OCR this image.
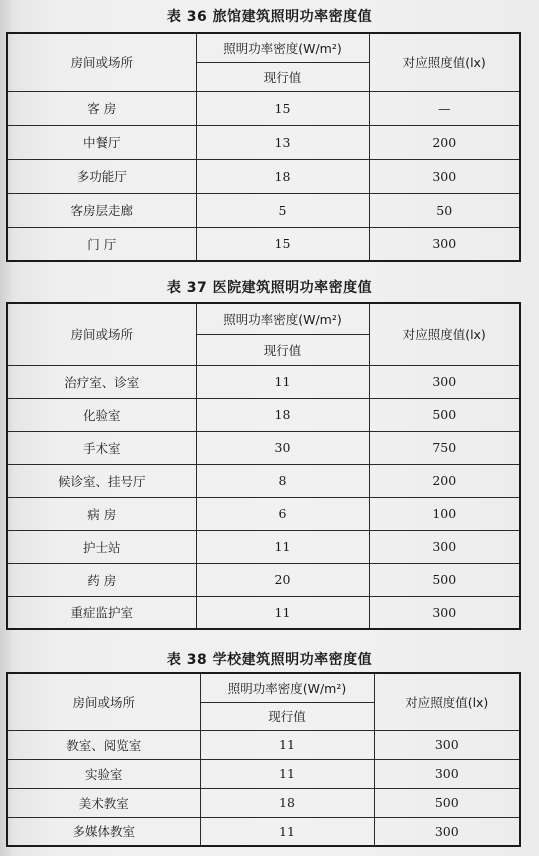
表 36 旅馆建筑照明功率密度值
房间或场所	照明功率密度(W/m²)	对应照度值(lx)
	现行值	
客 房	15	—
中餐厅	13	200
多功能厅	18	300
客房层走廊	5	50
门 厅	15	300
表 37 医院建筑照明功率密度值
房间或场所	照明功率密度(W/m²)	对应照度值(lx)
	现行值	
治疗室、诊室	11	300
化验室	18	500
手术室	30	750
候诊室、挂号厅	8	200
病 房	6	100
护士站	11	300
药 房	20	500
重症监护室	11	300
表 38 学校建筑照明功率密度值
房间或场所	照明功率密度(W/m²)	对应照度值(lx)
	现行值	
教室、阅览室	11	300
实验室	11	300
美术教室	18	500
多媒体教室	11	300
